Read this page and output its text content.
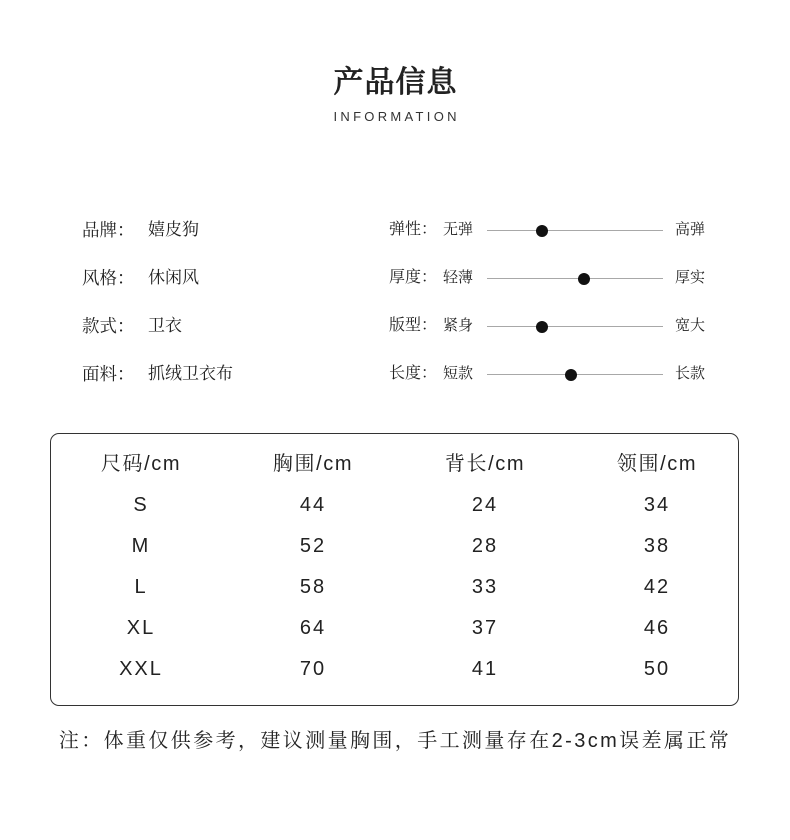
产品信息
INFORMATION
品牌： 嬉皮狗
风格： 休闲风
款式： 卫衣
面料： 抓绒卫衣布
弹性： 无弹	高弹
厚度： 轻薄	厚实
版型： 紧身	宽大
长度： 短款	长款
尺码/cm	胸围/cm	背长/cm	领围/cm
S	44	24	34
M	52	28	38
L	58	33	42
XL	64	37	46
XXL	70	41	50
注：体重仅供参考，建议测量胸围，手工测量存在2-3cm误差属正常
